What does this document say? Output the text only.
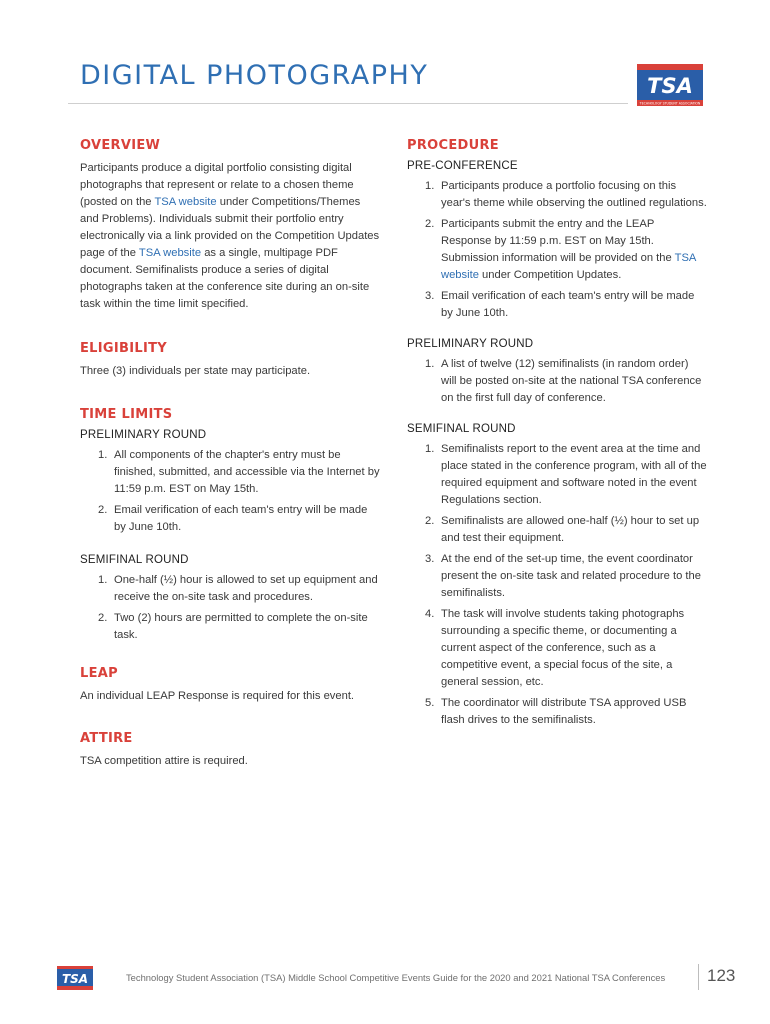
DIGITAL PHOTOGRAPHY	TSA
TECHNOLOGY STUDENT ASSOCIATION
OVERVIEW

Participants produce a digital portfolio consisting digital photographs that represent or relate to a chosen theme (posted on the TSA website under Competitions/Themes and Problems). Individuals submit their portfolio entry electronically via a link provided on the Competition Updates page of the TSA website as a single, multipage PDF document. Semifinalists produce a series of digital photographs taken at the conference site during an on-site task within the time limit specified.

ELIGIBILITY

Three (3) individuals per state may participate.

TIME LIMITS
PRELIMINARY ROUND
1. All components of the chapter's entry must be finished, submitted, and accessible via the Internet by 11:59 p.m. EST on May 15th.
2. Email verification of each team's entry will be made by June 10th.
SEMIFINAL ROUND
1. One-half (½) hour is allowed to set up equipment and receive the on-site task and procedures.
2. Two (2) hours are permitted to complete the on-site task.
LEAP

An individual LEAP Response is required for this event.

ATTIRE

TSA competition attire is required.

PROCEDURE
PRE-CONFERENCE
1. Participants produce a portfolio focusing on this year's theme while observing the outlined regulations.
2. Participants submit the entry and the LEAP Response by 11:59 p.m. EST on May 15th. Submission information will be provided on the TSA website under Competition Updates.
3. Email verification of each team's entry will be made by June 10th.
PRELIMINARY ROUND
1. A list of twelve (12) semifinalists (in random order) will be posted on-site at the national TSA conference on the first full day of conference.
SEMIFINAL ROUND
1. Semifinalists report to the event area at the time and place stated in the conference program, with all of the required equipment and software noted in the event Regulations section.
2. Semifinalists are allowed one-half (½) hour to set up and test their equipment.
3. At the end of the set-up time, the event coordinator present the on-site task and related procedure to the semifinalists.
4. The task will involve students taking photographs surrounding a specific theme, or documenting a current aspect of the conference, such as a competitive event, a special focus of the site, a general session, etc.
5. The coordinator will distribute TSA approved USB flash drives to the semifinalists.
TSA	Technology Student Association (TSA) Middle School Competitive Events Guide for the 2020 and 2021 National TSA Conferences 123
